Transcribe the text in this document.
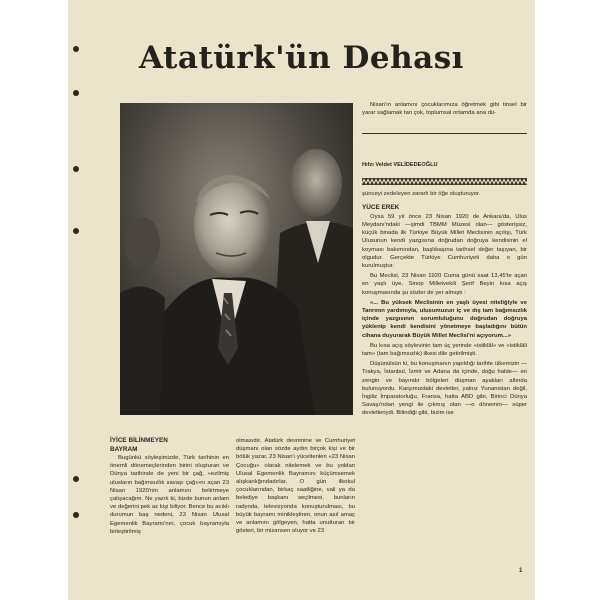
Atatürk'ün Dehası

Nisan'ın anlamını çocuklarımıza öğretmek gibi tinsel bir yarar sağlamak tan çok, toplumsal ortamda ana dü-

Hıfzı Veldet VELİDEDEOĞLU

şünceyi zedeleyen zararlı bir öğe oluşturuyor.

YÜCE EREK

Oysa 59 yıl önce 23 Nisan 1920 de Ankara'da, Ulus Meydanı'ndaki —şimdi TBMM Müzesi olan— gösterişsiz, küçük binada ilk Türkiye Büyük Millet Meclisinin açılışı, Türk Ulusunun kendi yazgısına doğrudan doğruya kendisinin el koyması bakımından, başlıbaşına tarihsel değer taşıyan, bir olgudur. Gerçekte Türkiye Cumhuriyeti daha o gün kurulmuştur.

Bu Meclisi, 23 Nisan 1920 Cuma günü saat 13,45'te açan en yaşlı üye, Sinop Milletvekili Şerif Beyin kısa açış konuşmasında şu sözler de yer almıştı :

«... Bu yüksek Meclisinin en yaşlı üyesi niteliğiyle ve Tanrının yardımıyla, ulusumuzun iç ve dış tam bağımsızlık içinde yazgısının sorumluluğunu doğrudan doğruya yüklenip kendi kendisini yönetmeye başladığını bütün cihana duyurarak Büyük Millet Meclisi'ni açıyorum...»

Bu kısa açış söylevinin tam üç yerinde «istiklâl» ve «istiklâli tam» (tam bağımsızlık) ilkesi dile getirilmişti.

Düşünülsün ki, bu konuşmanın yapıldığı tarihte ülkemizin —Trakya, İstanbul, İzmir ve Adana da içinde, doğu halde— en zengin ve bayındır bölgeleri düşman ayakları altında bulunuyordu. Karşımızdaki devletler, yalnız Yunanistan değil, İngiliz İmparatorluğu, Fransa, hatta ABD gibi, Birinci Dünya Savaşı'ndan yengi ile çıkmış olan —o dönemin— süper devletleriydi. Bilindiği gibi, bizim ise

İYİCE BİLİNMEYEN

BAYRAM

Bugünkü söyleşimizde, Türk tarihinin en önemli dönemeçlerinden birini oluşturan ve Dünya tarihinde de yeni bir çağ, «ezilmiş ulusların bağımsızlık savaşı çağı»nı açan 23 Nisan 1920'nin anlamını belirtmeye çalışacağım. Ne yazık ki, bizde bunun anlam ve değerini pek az kişi biliyor. Bence bu acıklı durumun baş nedeni, 23 Nisan Ulusal Egemenlik Bayramı'nın, çocuk bayramıyla birleştirilmiş

olmasıdır. Atatürk devrimine ve Cumhuriyet düşmanı olan sözde aydın birçok kişi ve bir bölük yazar, 23 Nisan'ı yüceltenleri «23 Nisan Çocuğu» olarak nitelemek ve bu yoldan Ulusal Egemenlik Bayramını küçümsemek alışkanlığındadırlar. O gün ilkokul çocuklarından, birkaç saatliğine, vali ya da belediye başkanı seçilmesi, bunların radyoda, televizyonda konuşturulması, bu büyük bayramı minikleştiren, onun asıl amaç ve anlamını gölgeyen, hatta unutturan bir gösteri, bir mizansen oluyor ve 23

1
